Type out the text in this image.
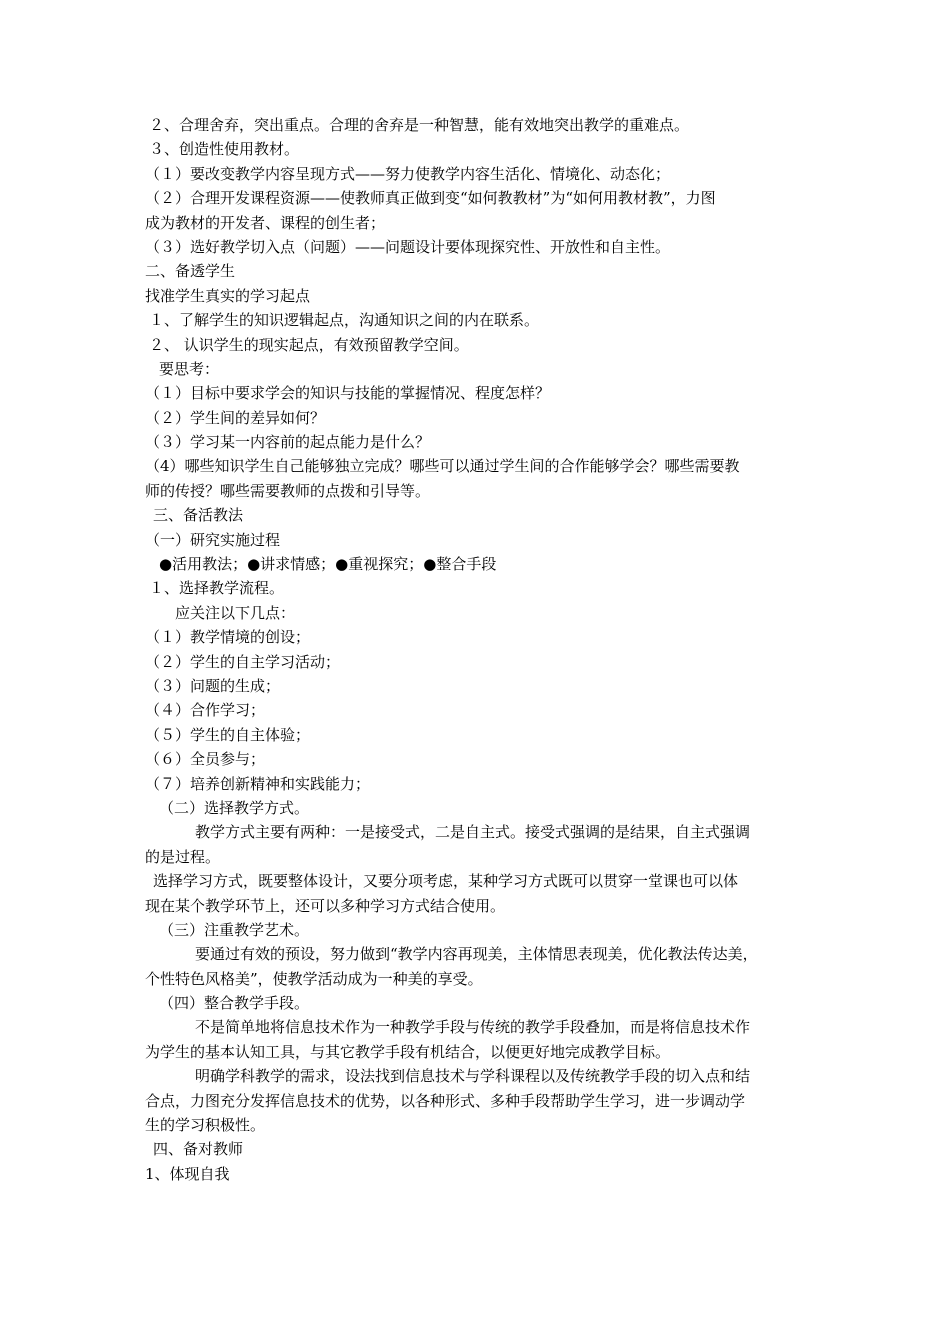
２、合理舍弃，突出重点。合理的舍弃是一种智慧，能有效地突出教学的重难点。
３、创造性使用教材。
（１）要改变教学内容呈现方式——努力使教学内容生活化、情境化、动态化；
（２）合理开发课程资源——使教师真正做到变“如何教教材”为“如何用教材教”，力图
成为教材的开发者、课程的创生者；
（３）选好教学切入点（问题）——问题设计要体现探究性、开放性和自主性。
二、备透学生
找准学生真实的学习起点
１、了解学生的知识逻辑起点，沟通知识之间的内在联系。
２、 认识学生的现实起点，有效预留教学空间。
要思考：
（１）目标中要求学会的知识与技能的掌握情况、程度怎样？
（２）学生间的差异如何？
（３）学习某一内容前的起点能力是什么？
（4）哪些知识学生自己能够独立完成？哪些可以通过学生间的合作能够学会？哪些需要教
师的传授？哪些需要教师的点拨和引导等。
三、备活教法
（一）研究实施过程
●活用教法；●讲求情感；●重视探究；●整合手段
１、选择教学流程。
应关注以下几点：
（１）教学情境的创设；
（２）学生的自主学习活动；
（３）问题的生成；
（４）合作学习；
（５）学生的自主体验；
（６）全员参与；
（７）培养创新精神和实践能力；
（二）选择教学方式。
教学方式主要有两种：一是接受式，二是自主式。接受式强调的是结果，自主式强调
的是过程。
选择学习方式，既要整体设计，又要分项考虑，某种学习方式既可以贯穿一堂课也可以体
现在某个教学环节上，还可以多种学习方式结合使用。
（三）注重教学艺术。
要通过有效的预设，努力做到“教学内容再现美，主体情思表现美，优化教法传达美，
个性特色风格美”，使教学活动成为一种美的享受。
（四）整合教学手段。
不是简单地将信息技术作为一种教学手段与传统的教学手段叠加，而是将信息技术作
为学生的基本认知工具，与其它教学手段有机结合，以便更好地完成教学目标。
明确学科教学的需求，设法找到信息技术与学科课程以及传统教学手段的切入点和结
合点，力图充分发挥信息技术的优势，以各种形式、多种手段帮助学生学习，进一步调动学
生的学习积极性。
四、备对教师
1、体现自我
